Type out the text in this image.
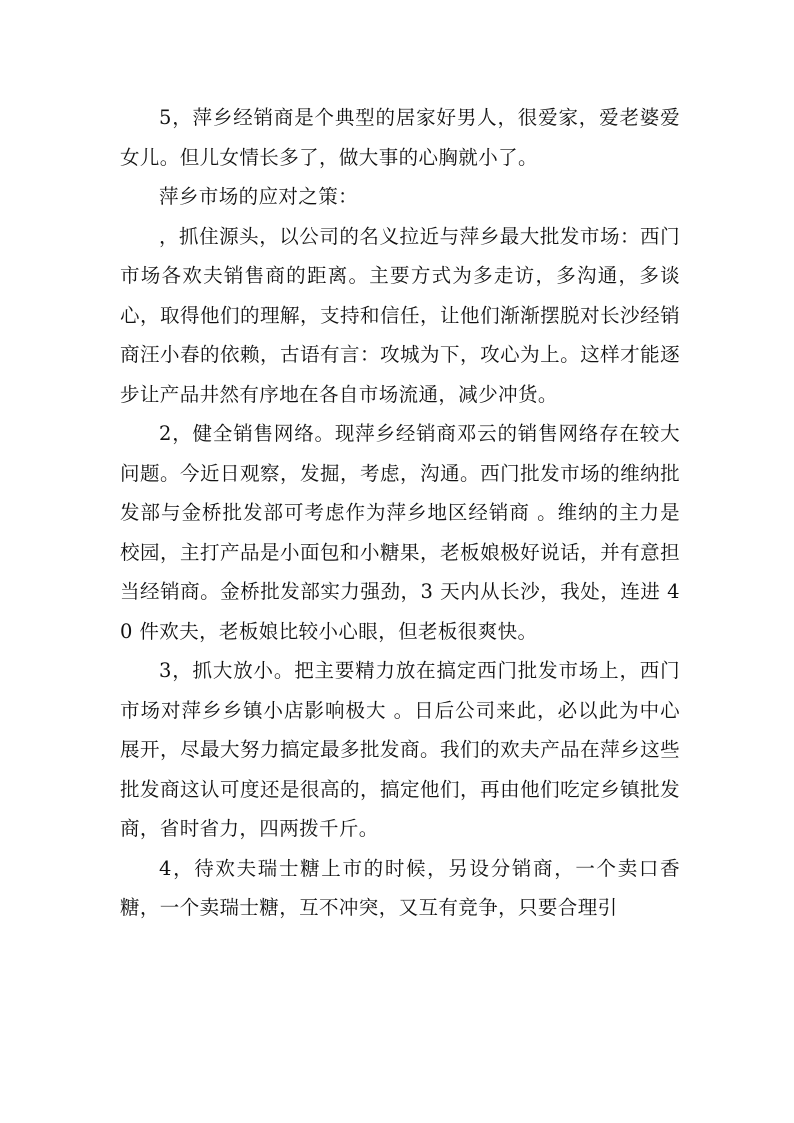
5，萍乡经销商是个典型的居家好男人，很爱家，爱老婆爱女儿。但儿女情长多了，做大事的心胸就小了。

萍乡市场的应对之策：

，抓住源头，以公司的名义拉近与萍乡最大批发市场：西门市场各欢夫销售商的距离。主要方式为多走访，多沟通，多谈心，取得他们的理解，支持和信任，让他们渐渐摆脱对长沙经销商汪小春的依赖，古语有言：攻城为下，攻心为上。这样才能逐步让产品井然有序地在各自市场流通，减少冲货。

2，健全销售网络。现萍乡经销商邓云的销售网络存在较大问题。今近日观察，发掘，考虑，沟通。西门批发市场的维纳批发部与金桥批发部可考虑作为萍乡地区经销商 。维纳的主力是校园，主打产品是小面包和小糖果，老板娘极好说话，并有意担当经销商。金桥批发部实力强劲，3 天内从长沙，我处，连进 40 件欢夫，老板娘比较小心眼，但老板很爽快。

3，抓大放小。把主要精力放在搞定西门批发市场上，西门市场对萍乡乡镇小店影响极大 。日后公司来此，必以此为中心展开，尽最大努力搞定最多批发商。我们的欢夫产品在萍乡这些批发商这认可度还是很高的，搞定他们，再由他们吃定乡镇批发商，省时省力，四两拨千斤。

4，待欢夫瑞士糖上市的时候，另设分销商，一个卖口香糖，一个卖瑞士糖，互不冲突，又互有竞争，只要合理引
